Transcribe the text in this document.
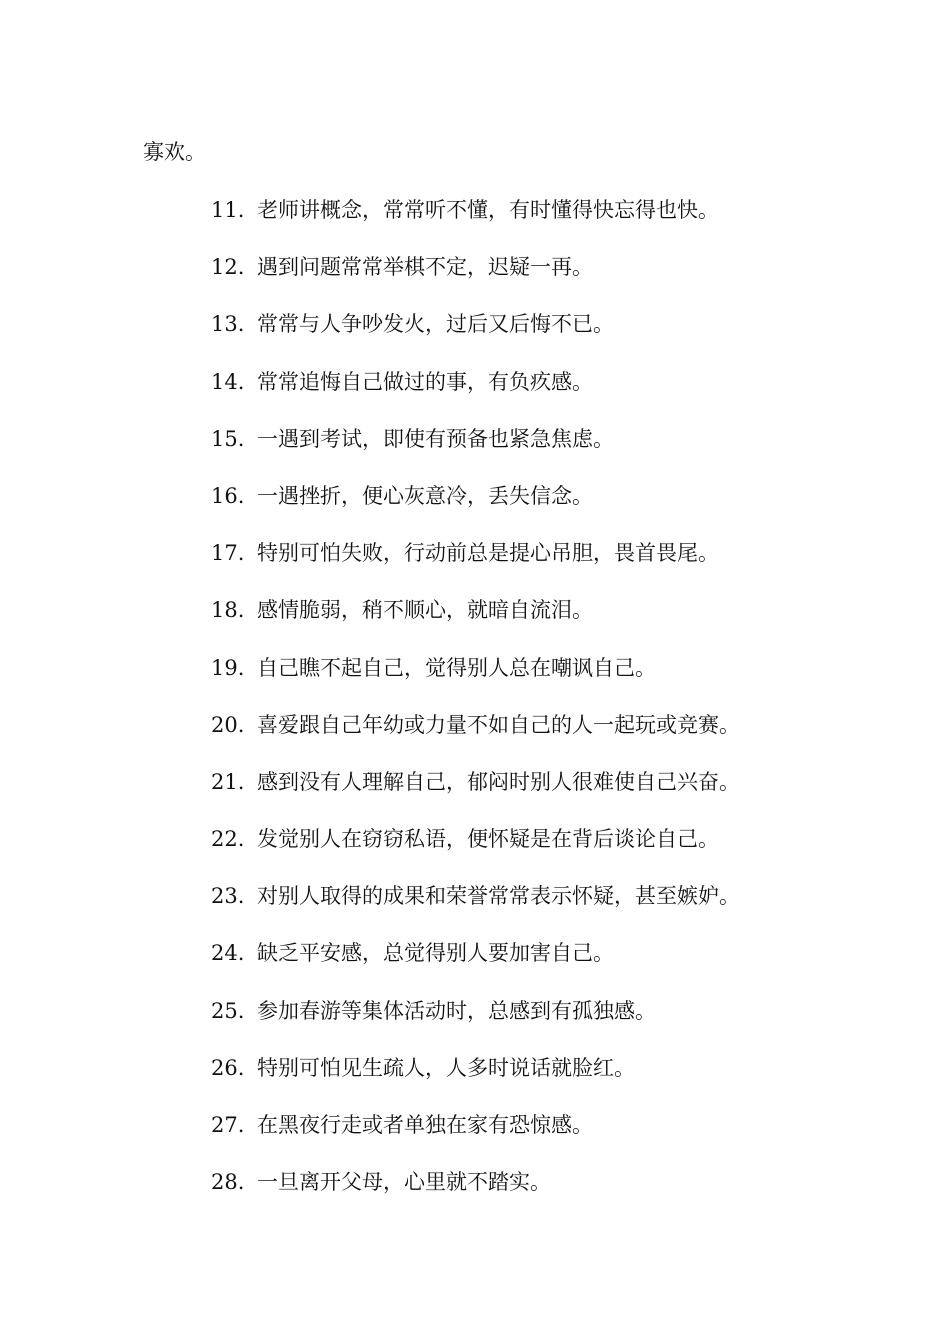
寡欢。
11. 老师讲概念，常常听不懂，有时懂得快忘得也快。
12. 遇到问题常常举棋不定，迟疑一再。
13. 常常与人争吵发火，过后又后悔不已。
14. 常常追悔自己做过的事，有负疚感。
15. 一遇到考试，即使有预备也紧急焦虑。
16. 一遇挫折，便心灰意冷，丢失信念。
17. 特别可怕失败，行动前总是提心吊胆，畏首畏尾。
18. 感情脆弱，稍不顺心，就暗自流泪。
19. 自己瞧不起自己，觉得别人总在嘲讽自己。
20. 喜爱跟自己年幼或力量不如自己的人一起玩或竞赛。
21. 感到没有人理解自己，郁闷时别人很难使自己兴奋。
22. 发觉别人在窃窃私语，便怀疑是在背后谈论自己。
23. 对别人取得的成果和荣誉常常表示怀疑，甚至嫉妒。
24. 缺乏平安感，总觉得别人要加害自己。
25. 参加春游等集体活动时，总感到有孤独感。
26. 特别可怕见生疏人，人多时说话就脸红。
27. 在黑夜行走或者单独在家有恐惊感。
28. 一旦离开父母，心里就不踏实。
